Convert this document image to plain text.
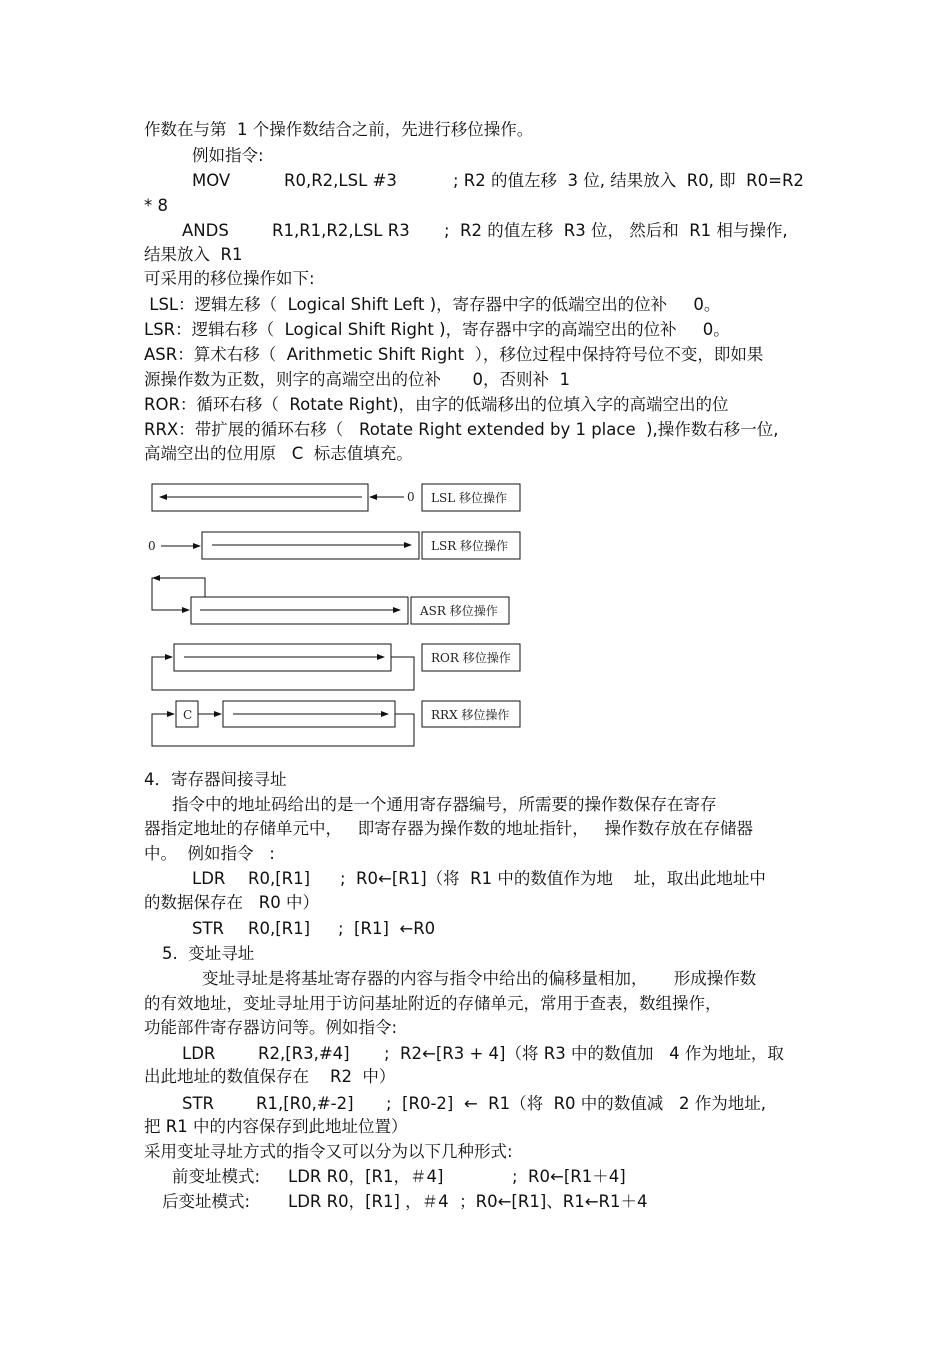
作数在与第  1 个操作数结合之前，先进行移位操作。
例如指令:
MOV	R0,R2,LSL #3	; R2 的值左移  3 位, 结果放入  R0, 即  R0=R2
* 8
ANDS	R1,R1,R2,LSL R3 ;  R2 的值左移  R3 位， 然后和  R1 相与操作,
结果放入  R1
可采用的移位操作如下:
LSL：逻辑左移（  Logical Shift Left )，寄存器中字的低端空出的位补     0。
LSR：逻辑右移（  Logical Shift Right )，寄存器中字的高端空出的位补     0。
ASR：算术右移（  Arithmetic Shift Right  ），移位过程中保持符号位不变，即如果
源操作数为正数，则字的高端空出的位补      0，否则补  1
ROR：循环右移（  Rotate Right)，由字的低端移出的位填入字的高端空出的位
RRX：带扩展的循环右移（   Rotate Right extended by 1 place  ),操作数右移一位,
高端空出的位用原   C  标志值填充。
0 LSL 移位操作
0	LSR 移位操作
ASR 移位操作
ROR 移位操作
C	RRX 移位操作
4．寄存器间接寻址
指令中的地址码给出的是一个通用寄存器编号，所需要的操作数保存在寄存
器指定地址的存储单元中，   即寄存器为操作数的地址指针，   操作数存放在存储器
中。  例如指令   :
LDR R0,[R1] ;  R0←[R1]（将  R1 中的数值作为地    址，取出此地址中
的数据保存在   R0 中）
STR R0,[R1] ;  [R1]  ←R0
5.  变址寻址
变址寻址是将基址寄存器的内容与指令中给出的偏移量相加，     形成操作数
的有效地址，变址寻址用于访问基址附近的存储单元，常用于查表，数组操作，
功能部件寄存器访问等。例如指令:
LDR	R2,[R3,#4] ;  R2←[R3 + 4]（将 R3 中的数值加   4 作为地址，取
出此地址的数值保存在    R2  中）
STR	R1,[R0,#-2] ;  [R0-2]  ←  R1（将  R0 中的数值减   2 作为地址,
把 R1 中的内容保存到此地址位置）
采用变址寻址方式的指令又可以分为以下几种形式:
前变址模式: LDR R0，[R1，＃4]	;  R0←[R1＋4]
后变址模式: LDR R0，[R1] ，＃4  ；R0←[R1]、R1←R1＋4
